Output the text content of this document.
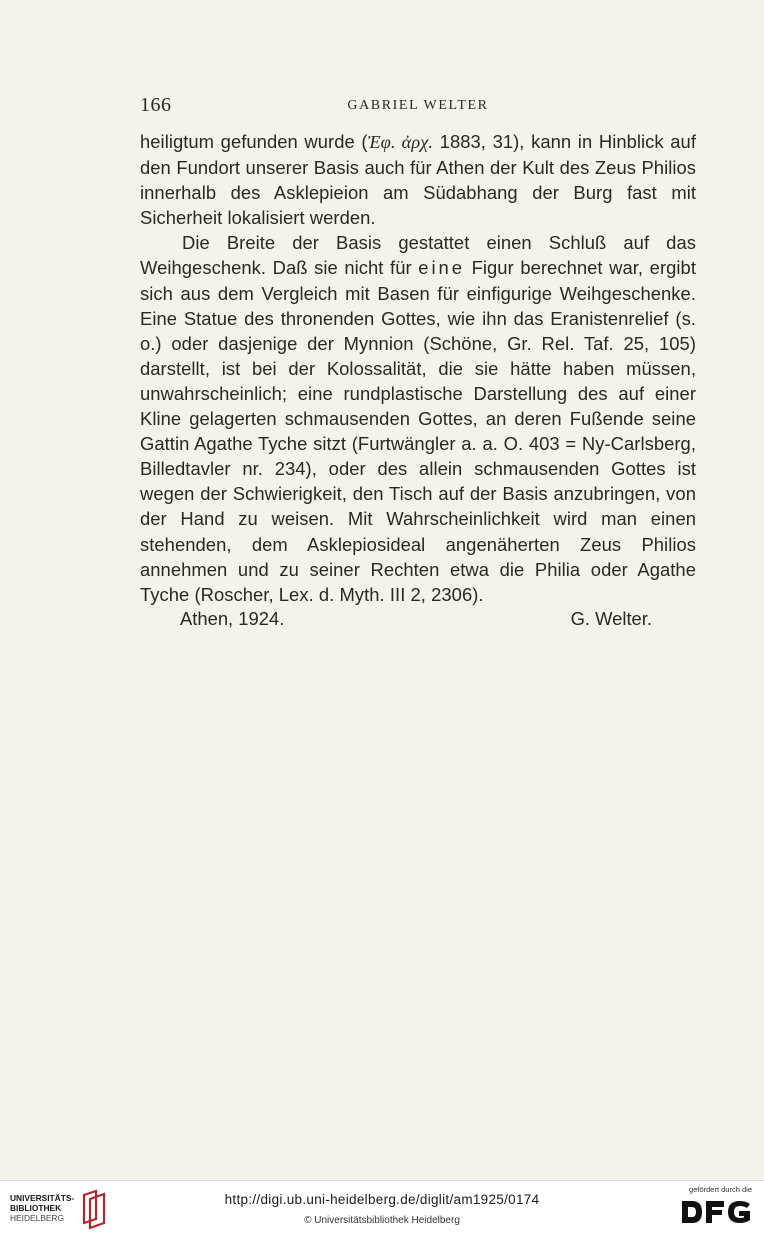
166	GABRIEL WELTER

heiligtum gefunden wurde (Ἐφ. ἀρχ. 1883, 31), kann in Hinblick auf den Fundort unserer Basis auch für Athen der Kult des Zeus Philios innerhalb des Asklepieion am Südabhang der Burg fast mit Sicherheit lokalisiert werden.

Die Breite der Basis gestattet einen Schluß auf das Weihgeschenk. Daß sie nicht für eine Figur berechnet war, ergibt sich aus dem Vergleich mit Basen für einfigurige Weihgeschenke. Eine Statue des thronenden Gottes, wie ihn das Eranistenrelief (s. o.) oder dasjenige der Mynnion (Schöne, Gr. Rel. Taf. 25, 105) darstellt, ist bei der Kolossalität, die sie hätte haben müssen, unwahrscheinlich; eine rundplastische Darstellung des auf einer Kline gelagerten schmausenden Gottes, an deren Fußende seine Gattin Agathe Tyche sitzt (Furtwängler a. a. O. 403 = Ny-Carlsberg, Billedtavler nr. 234), oder des allein schmausenden Gottes ist wegen der Schwierigkeit, den Tisch auf der Basis anzubringen, von der Hand zu weisen. Mit Wahrscheinlichkeit wird man einen stehenden, dem Asklepiosideal angenäherten Zeus Philios annehmen und zu seiner Rechten etwa die Philia oder Agathe Tyche (Roscher, Lex. d. Myth. III 2, 2306).

Athen, 1924.	G. Welter.
UNIVERSITÄTS-
BIBLIOTHEK
HEIDELBERG
http://digi.ub.uni-heidelberg.de/diglit/am1925/0174
© Universitätsbibliothek Heidelberg
gefördert durch die
